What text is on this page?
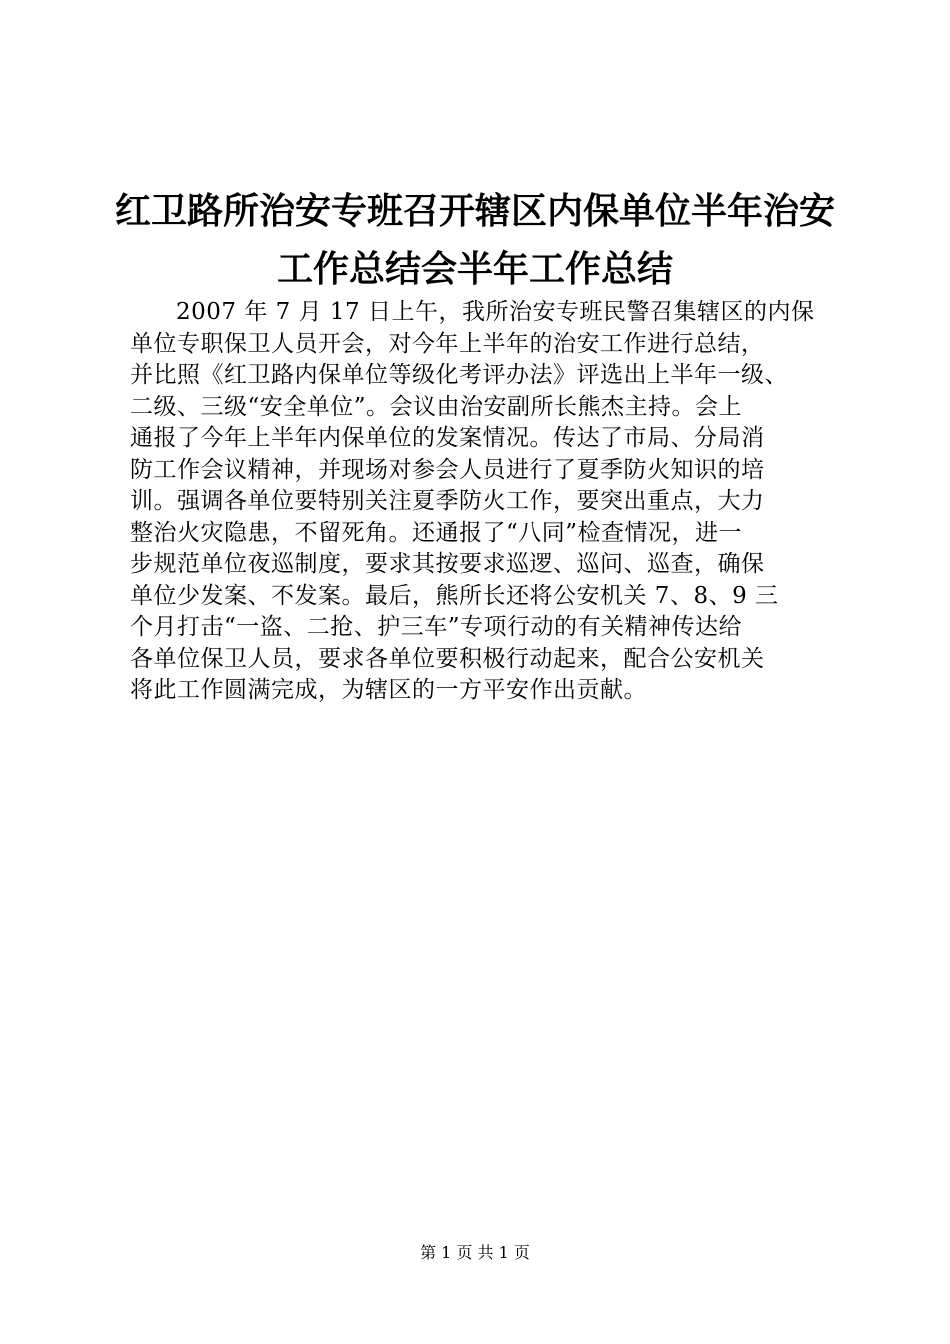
红卫路所治安专班召开辖区内保单位半年治安
工作总结会半年工作总结
2007 年 7 月 17 日上午，我所治安专班民警召集辖区的内保
单位专职保卫人员开会，对今年上半年的治安工作进行总结，
并比照《红卫路内保单位等级化考评办法》评选出上半年一级、
二级、三级“安全单位”。会议由治安副所长熊杰主持。会上
通报了今年上半年内保单位的发案情况。传达了市局、分局消
防工作会议精神，并现场对参会人员进行了夏季防火知识的培
训。强调各单位要特别关注夏季防火工作，要突出重点，大力
整治火灾隐患，不留死角。还通报了“八同”检查情况，进一
步规范单位夜巡制度，要求其按要求巡逻、巡问、巡查，确保
单位少发案、不发案。最后，熊所长还将公安机关 7、8、9 三
个月打击“一盗、二抢、护三车”专项行动的有关精神传达给
各单位保卫人员，要求各单位要积极行动起来，配合公安机关
将此工作圆满完成，为辖区的一方平安作出贡献。
第 1 页 共 1 页
